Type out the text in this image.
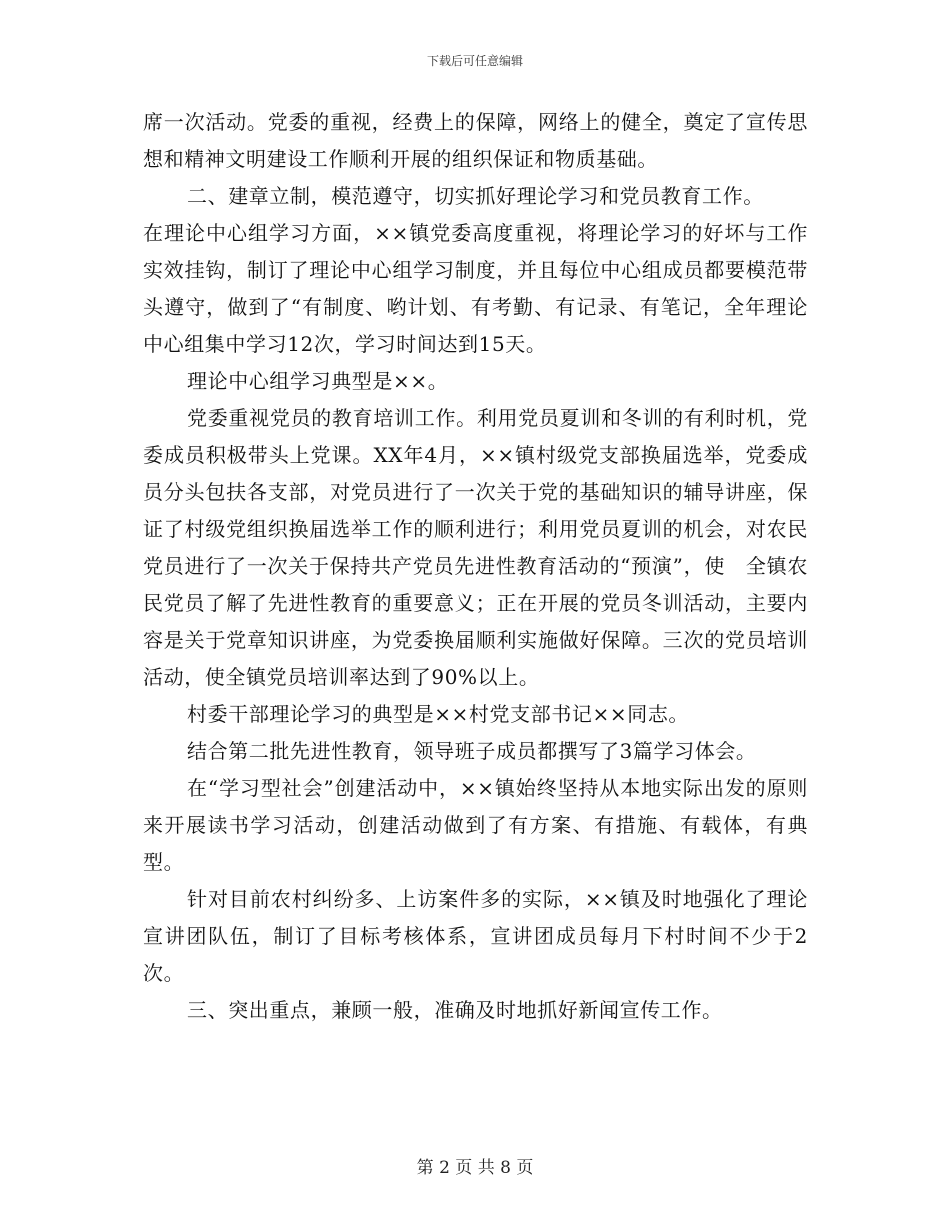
下载后可任意编辑

席一次活动。党委的重视，经费上的保障，网络上的健全，奠定了宣传思想和精神文明建设工作顺利开展的组织保证和物质基础。

二、建章立制，模范遵守，切实抓好理论学习和党员教育工作。

在理论中心组学习方面，××镇党委高度重视，将理论学习的好坏与工作实效挂钩，制订了理论中心组学习制度，并且每位中心组成员都要模范带头遵守，做到了“有制度、哟计划、有考勤、有记录、有笔记，全年理论中心组集中学习12次，学习时间达到15天。

理论中心组学习典型是××。

党委重视党员的教育培训工作。利用党员夏训和冬训的有利时机，党委成员积极带头上党课。XX年4月，××镇村级党支部换届选举，党委成员分头包扶各支部，对党员进行了一次关于党的基础知识的辅导讲座，保证了村级党组织换届选举工作的顺利进行；利用党员夏训的机会，对农民党员进行了一次关于保持共产党员先进性教育活动的“预演”，使　全镇农民党员了解了先进性教育的重要意义；正在开展的党员冬训活动，主要内容是关于党章知识讲座，为党委换届顺利实施做好保障。三次的党员培训活动，使全镇党员培训率达到了90%以上。

村委干部理论学习的典型是××村党支部书记××同志。

结合第二批先进性教育，领导班子成员都撰写了3篇学习体会。

在“学习型社会”创建活动中，××镇始终坚持从本地实际出发的原则来开展读书学习活动，创建活动做到了有方案、有措施、有载体，有典型。

针对目前农村纠纷多、上访案件多的实际，××镇及时地强化了理论宣讲团队伍，制订了目标考核体系，宣讲团成员每月下村时间不少于2次。

三、突出重点，兼顾一般，准确及时地抓好新闻宣传工作。

第 2 页 共 8 页
